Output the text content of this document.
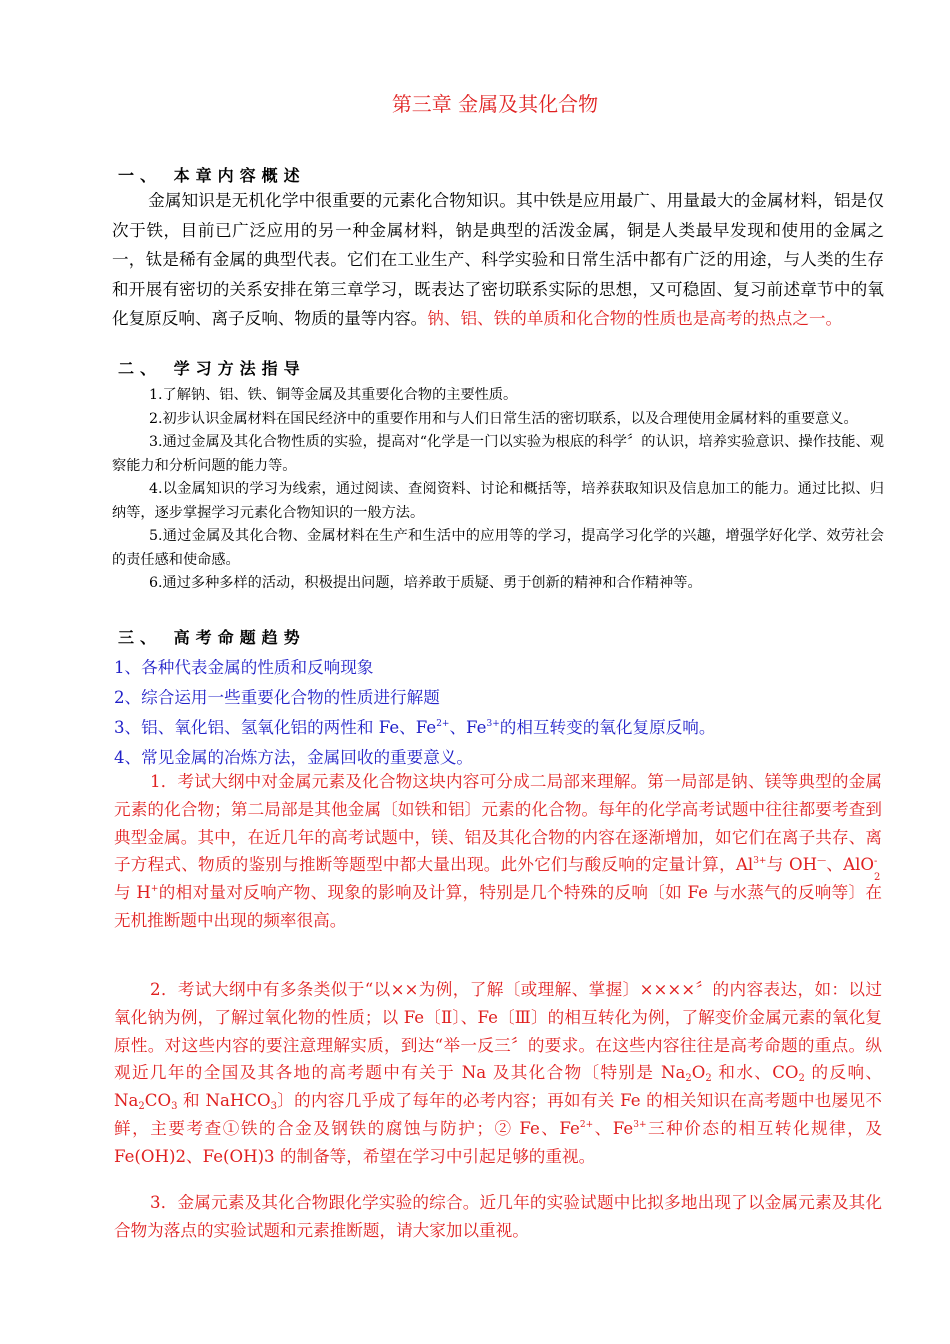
第三章 金属及其化合物
一、 本章内容概述
金属知识是无机化学中很重要的元素化合物知识。其中铁是应用最广、用量最大的金属材料，铝是仅次于铁，目前已广泛应用的另一种金属材料，钠是典型的活泼金属，铜是人类最早发现和使用的金属之一，钛是稀有金属的典型代表。它们在工业生产、科学实验和日常生活中都有广泛的用途，与人类的生存和开展有密切的关系安排在第三章学习，既表达了密切联系实际的思想，又可稳固、复习前述章节中的氧化复原反响、离子反响、物质的量等内容。钠、铝、铁的单质和化合物的性质也是高考的热点之一。
二、 学习方法指导
1.了解钠、铝、铁、铜等金属及其重要化合物的主要性质。
2.初步认识金属材料在国民经济中的重要作用和与人们日常生活的密切联系，以及合理使用金属材料的重要意义。
3.通过金属及其化合物性质的实验，提高对“化学是一门以实验为根底的科学〞的认识，培养实验意识、操作技能、观察能力和分析问题的能力等。
4.以金属知识的学习为线索，通过阅读、查阅资料、讨论和概括等，培养获取知识及信息加工的能力。通过比拟、归纳等，逐步掌握学习元素化合物知识的一般方法。
5.通过金属及其化合物、金属材料在生产和生活中的应用等的学习，提高学习化学的兴趣，增强学好化学、效劳社会的责任感和使命感。
6.通过多种多样的活动，积极提出问题，培养敢于质疑、勇于创新的精神和合作精神等。
三、 高考命题趋势
1、各种代表金属的性质和反响现象
2、综合运用一些重要化合物的性质进行解题
3、铝、氧化铝、氢氧化铝的两性和 Fe、$Fe^{2+}$、$Fe^{3+}$的相互转变的氧化复原反响。
4、常见金属的冶炼方法，金属回收的重要意义。
1．考试大纲中对金属元素及化合物这块内容可分成二局部来理解。第一局部是钠、镁等典型的金属元素的化合物；第二局部是其他金属〔如铁和铝〕元素的化合物。每年的化学高考试题中往往都要考查到典型金属。其中，在近几年的高考试题中，镁、铝及其化合物的内容在逐渐增加，如它们在离子共存、离子方程式、物质的鉴别与推断等题型中都大量出现。此外它们与酸反响的定量计算，$Al^{3+}$与 OH—、AlO -
2
与 H+的相对量对反响产物、现象的影响及计算，特别是几个特殊的反响〔如 Fe 与水蒸气的反响等〕在无机推断题中出现的频率很高。
2．考试大纲中有多条类似于“以××为例，了解〔或理解、掌握〕××××〞的内容表达，如：以过氧化钠为例，了解过氧化物的性质；以 Fe〔Ⅱ〕、Fe〔Ⅲ〕的相互转化为例，了解变价金属元素的氧化复原性。对这些内容的要注意理解实质，到达“举一反三〞的要求。在这些内容往往是高考命题的重点。纵观近几年的全国及其各地的高考题中有关于 Na 及其化合物〔特别是 $Na_2O_2$ 和水、$CO_2$ 的反响、$Na_2CO_3$ 和 NaHCO$_3$〕的内容几乎成了每年的必考内容；再如有关 Fe 的相关知识在高考题中也屡见不鲜，主要考查①铁的合金及钢铁的腐蚀与防护；② Fe、$Fe^{2+}$、$Fe^{3+}$三种价态的相互转化规律，及 Fe(OH)2、Fe(OH)3 的制备等，希望在学习中引起足够的重视。
3．金属元素及其化合物跟化学实验的综合。近几年的实验试题中比拟多地出现了以金属元素及其化合物为落点的实验试题和元素推断题，请大家加以重视。
